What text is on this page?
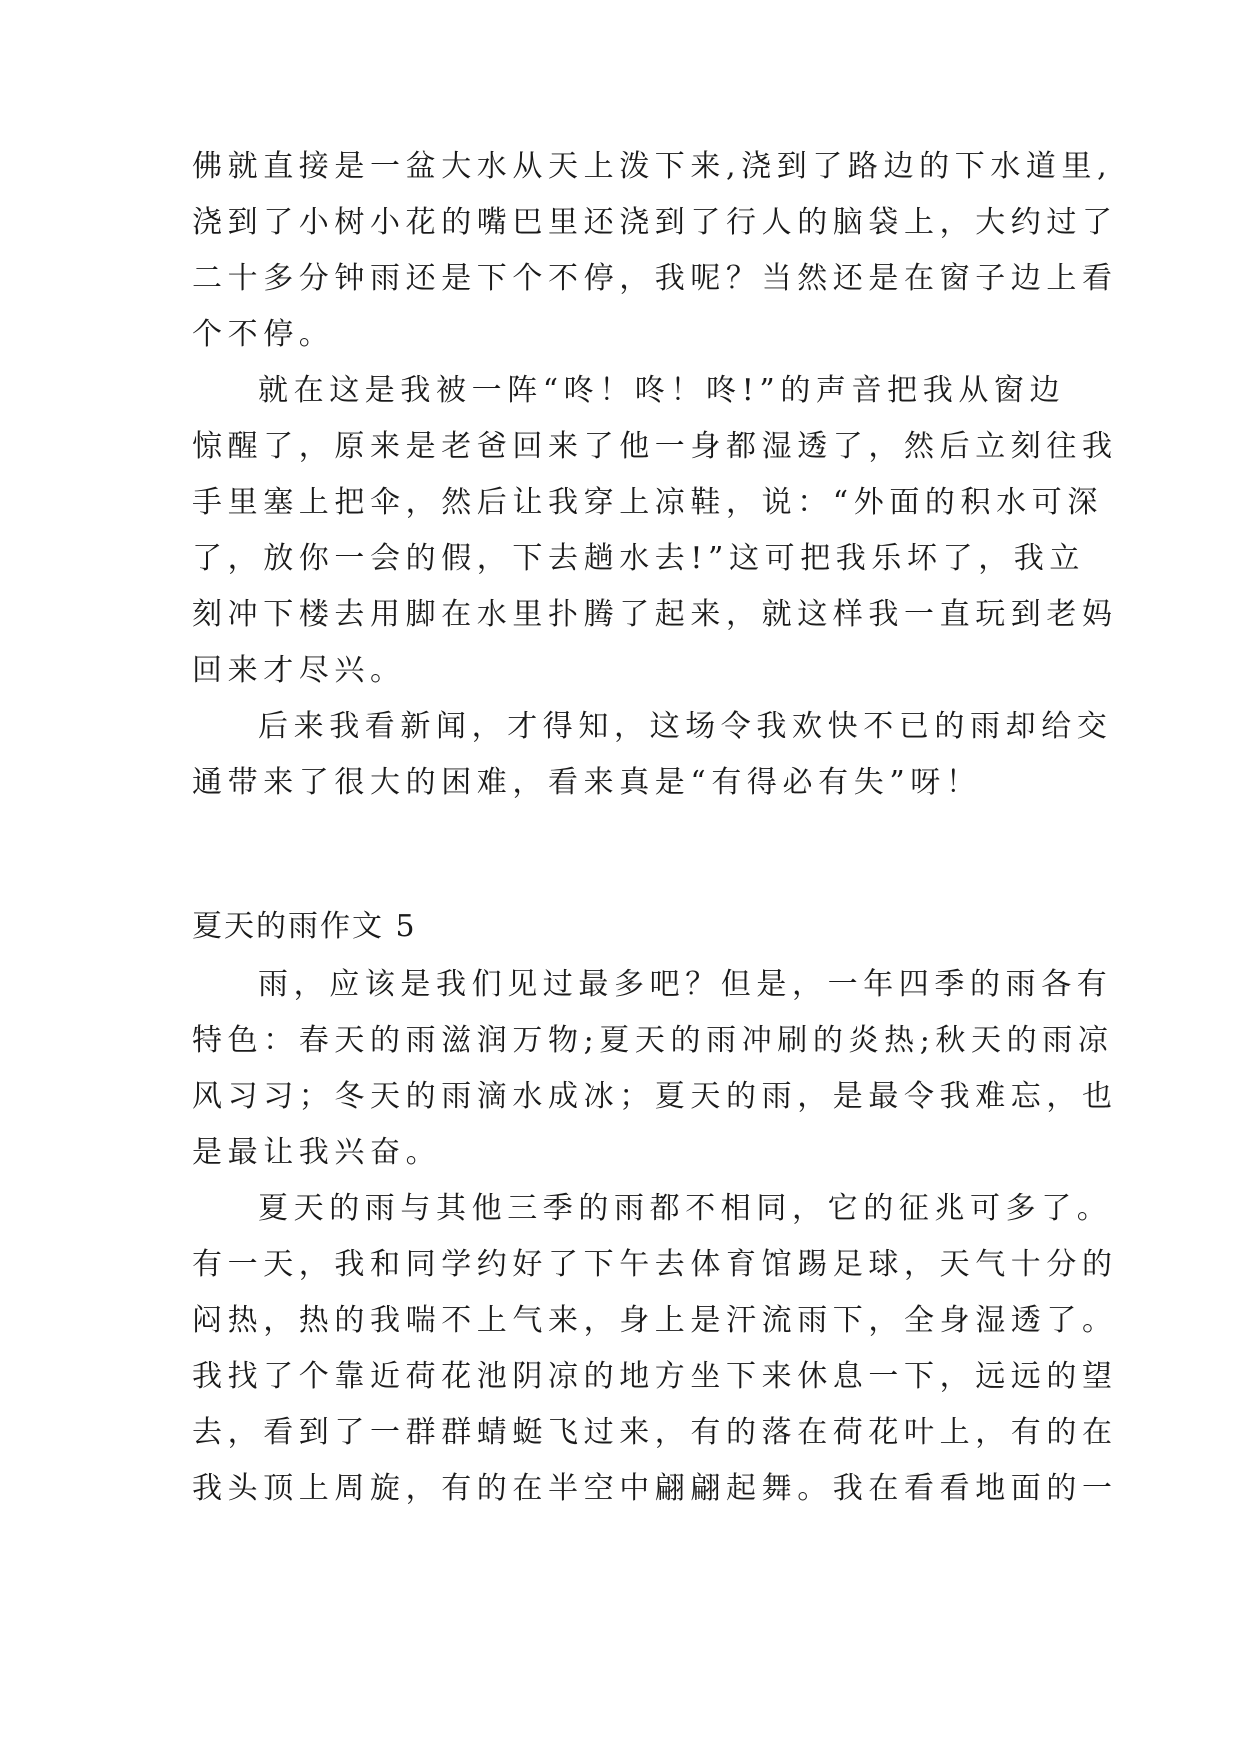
佛就直接是一盆大水从天上泼下来,浇到了路边的下水道里,
浇到了小树小花的嘴巴里还浇到了行人的脑袋上，大约过了
二十多分钟雨还是下个不停，我呢？当然还是在窗子边上看
个不停。
就在这是我被一阵“咚！咚！咚!”的声音把我从窗边
惊醒了，原来是老爸回来了他一身都湿透了，然后立刻往我
手里塞上把伞，然后让我穿上凉鞋，说：“外面的积水可深
了，放你一会的假，下去趟水去!”这可把我乐坏了，我立
刻冲下楼去用脚在水里扑腾了起来，就这样我一直玩到老妈
回来才尽兴。
后来我看新闻，才得知，这场令我欢快不已的雨却给交
通带来了很大的困难，看来真是“有得必有失”呀！
夏天的雨作文 5
雨，应该是我们见过最多吧？但是，一年四季的雨各有
特色：春天的雨滋润万物;夏天的雨冲刷的炎热;秋天的雨凉
风习习；冬天的雨滴水成冰；夏天的雨，是最令我难忘，也
是最让我兴奋。
夏天的雨与其他三季的雨都不相同，它的征兆可多了。
有一天，我和同学约好了下午去体育馆踢足球，天气十分的
闷热，热的我喘不上气来，身上是汗流雨下，全身湿透了。
我找了个靠近荷花池阴凉的地方坐下来休息一下，远远的望
去，看到了一群群蜻蜓飞过来，有的落在荷花叶上，有的在
我头顶上周旋，有的在半空中翩翩起舞。我在看看地面的一
